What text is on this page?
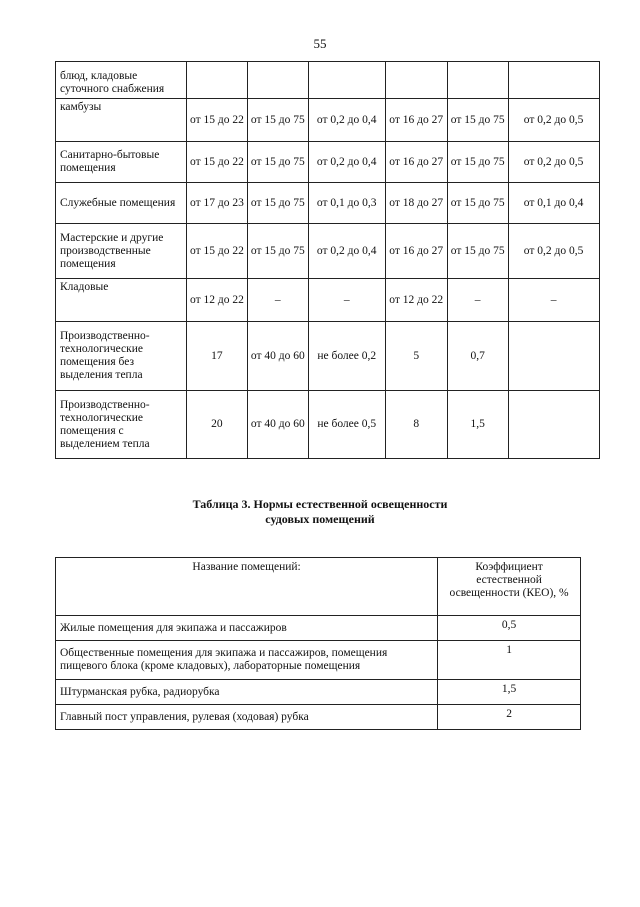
55
блюд, кладовые суточного снабжения						
камбузы	от 15 до 22	от 15 до 75	от 0,2 до 0,4	от 16 до 27	от 15 до 75	от 0,2 до 0,5
Санитарно-бытовые помещения	от 15 до 22	от 15 до 75	от 0,2 до 0,4	от 16 до 27	от 15 до 75	от 0,2 до 0,5
Служебные помещения	от 17 до 23	от 15 до 75	от 0,1 до 0,3	от 18 до 27	от 15 до 75	от 0,1 до 0,4
Мастерские и другие производственные помещения	от 15 до 22	от 15 до 75	от 0,2 до 0,4	от 16 до 27	от 15 до 75	от 0,2 до 0,5
Кладовые	от 12 до 22	–	–	от 12 до 22	–	–
Производственно-технологические помещения без выделения тепла	17	от 40 до 60	не более 0,2	5	0,7	
Производственно-технологические помещения с выделением тепла	20	от 40 до 60	не более 0,5	8	1,5	
Таблица 3. Нормы естественной освещенности
судовых помещений
Название помещений:	Коэффициент естественной освещенности (КЕО), %
Жилые помещения для экипажа и пассажиров	0,5
Общественные помещения для экипажа и пассажиров, помещения пищевого блока (кроме кладовых), лабораторные помещения	1
Штурманская рубка, радиорубка	1,5
Главный пост управления, рулевая (ходовая) рубка	2
